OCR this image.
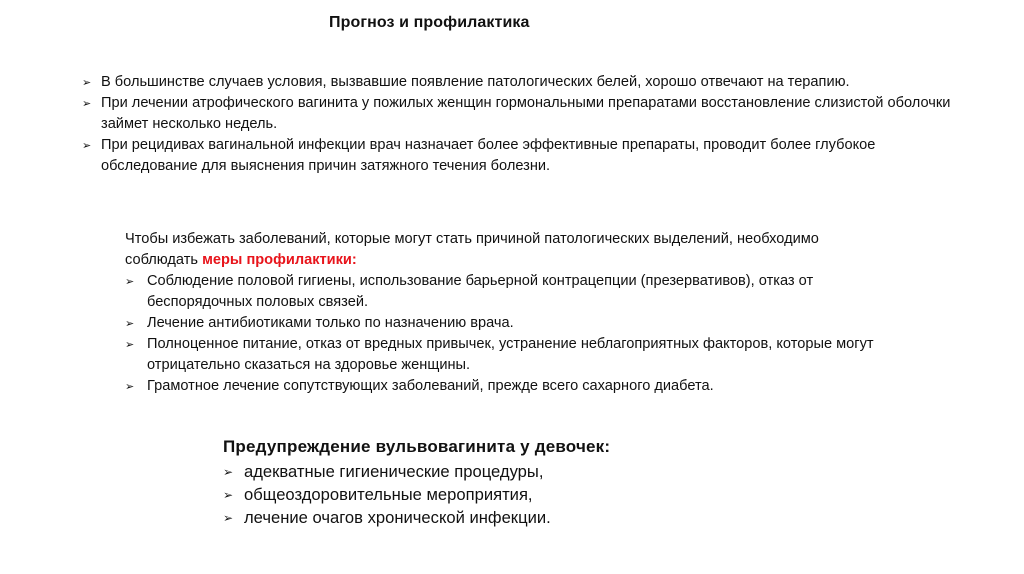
Прогноз и профилактика
➢ В большинстве случаев условия, вызвавшие появление патологических белей, хорошо отвечают на терапию.
➢ При лечении атрофического вагинита у пожилых женщин гормональными препаратами восстановление слизистой оболочки займет несколько недель.
➢ При рецидивах вагинальной инфекции врач назначает более эффективные препараты, проводит более глубокое обследование для выяснения причин затяжного течения болезни.
Чтобы избежать заболеваний, которые могут стать причиной патологических выделений, необходимо соблюдать меры профилактики:
➢ Соблюдение половой гигиены, использование барьерной контрацепции (презервативов), отказ от беспорядочных половых связей.
➢ Лечение антибиотиками только по назначению врача.
➢ Полноценное питание, отказ от вредных привычек, устранение неблагоприятных факторов, которые могут отрицательно сказаться на здоровье женщины.
➢ Грамотное лечение сопутствующих заболеваний, прежде всего сахарного диабета.
Предупреждение вульвовагинита у девочек:
➢ адекватные гигиенические процедуры,
➢ общеоздоровительные мероприятия,
➢ лечение очагов хронической инфекции.
